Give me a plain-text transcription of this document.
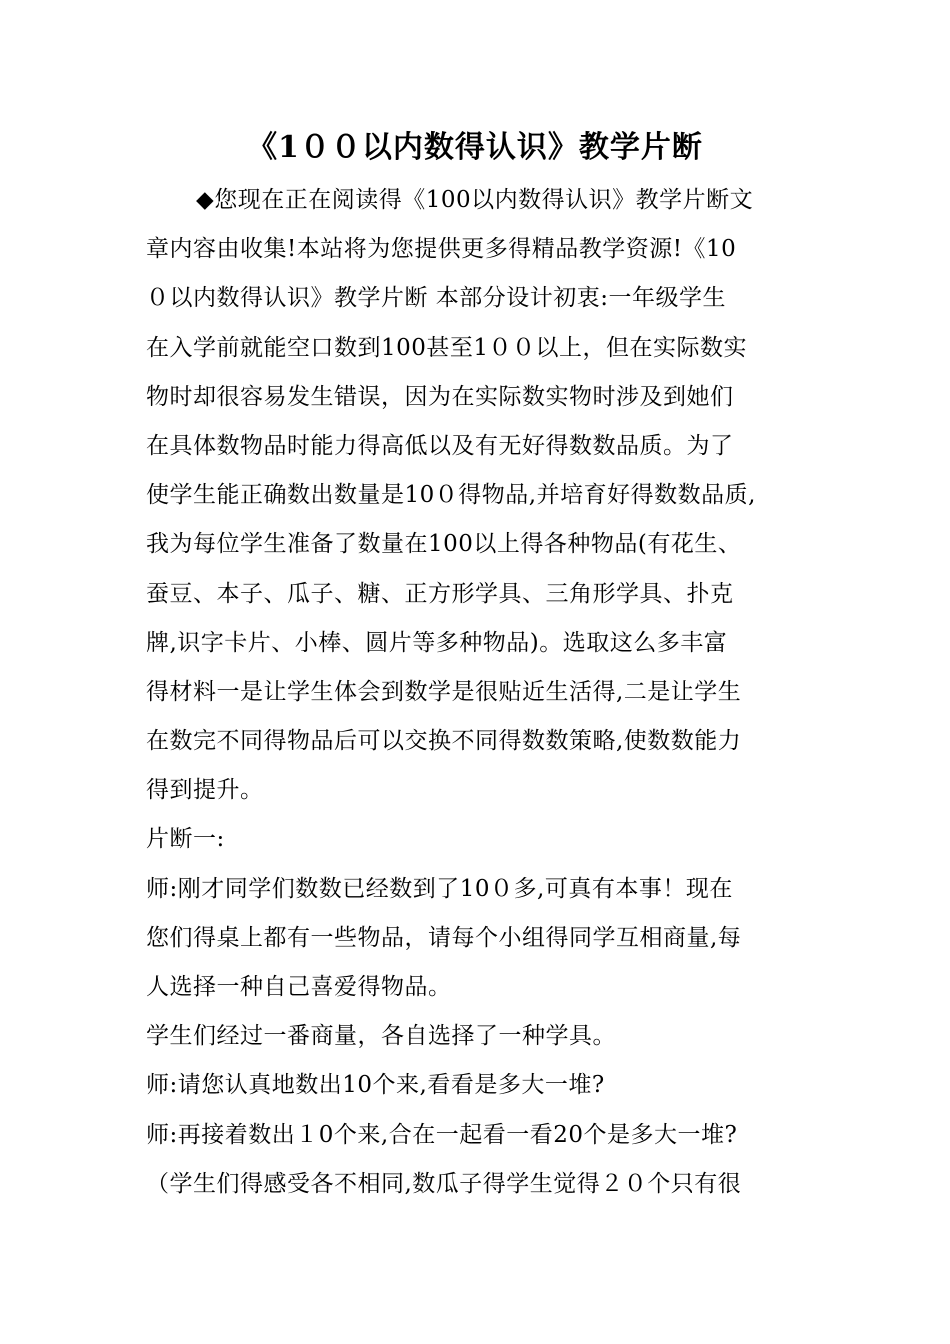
《1００以内数得认识》教学片断
◆您现在正在阅读得《100以内数得认识》教学片断文
章内容由收集!本站将为您提供更多得精品教学资源!《10
０以内数得认识》教学片断 本部分设计初衷:一年级学生
在入学前就能空口数到100甚至1００以上，但在实际数实
物时却很容易发生错误，因为在实际数实物时涉及到她们
在具体数物品时能力得高低以及有无好得数数品质。为了
使学生能正确数出数量是10０得物品,并培育好得数数品质,
我为每位学生准备了数量在100以上得各种物品(有花生、
蚕豆、本子、瓜子、糖、正方形学具、三角形学具、扑克
牌,识字卡片、小棒、圆片等多种物品)。选取这么多丰富
得材料一是让学生体会到数学是很贴近生活得,二是让学生
在数完不同得物品后可以交换不同得数数策略,使数数能力
得到提升。
片断一:
师:刚才同学们数数已经数到了10０多,可真有本事！现在
您们得桌上都有一些物品，请每个小组得同学互相商量,每
人选择一种自己喜爱得物品。
学生们经过一番商量，各自选择了一种学具。
师:请您认真地数出10个来,看看是多大一堆?
师:再接着数出１0个来,合在一起看一看20个是多大一堆?
（学生们得感受各不相同,数瓜子得学生觉得２０个只有很
